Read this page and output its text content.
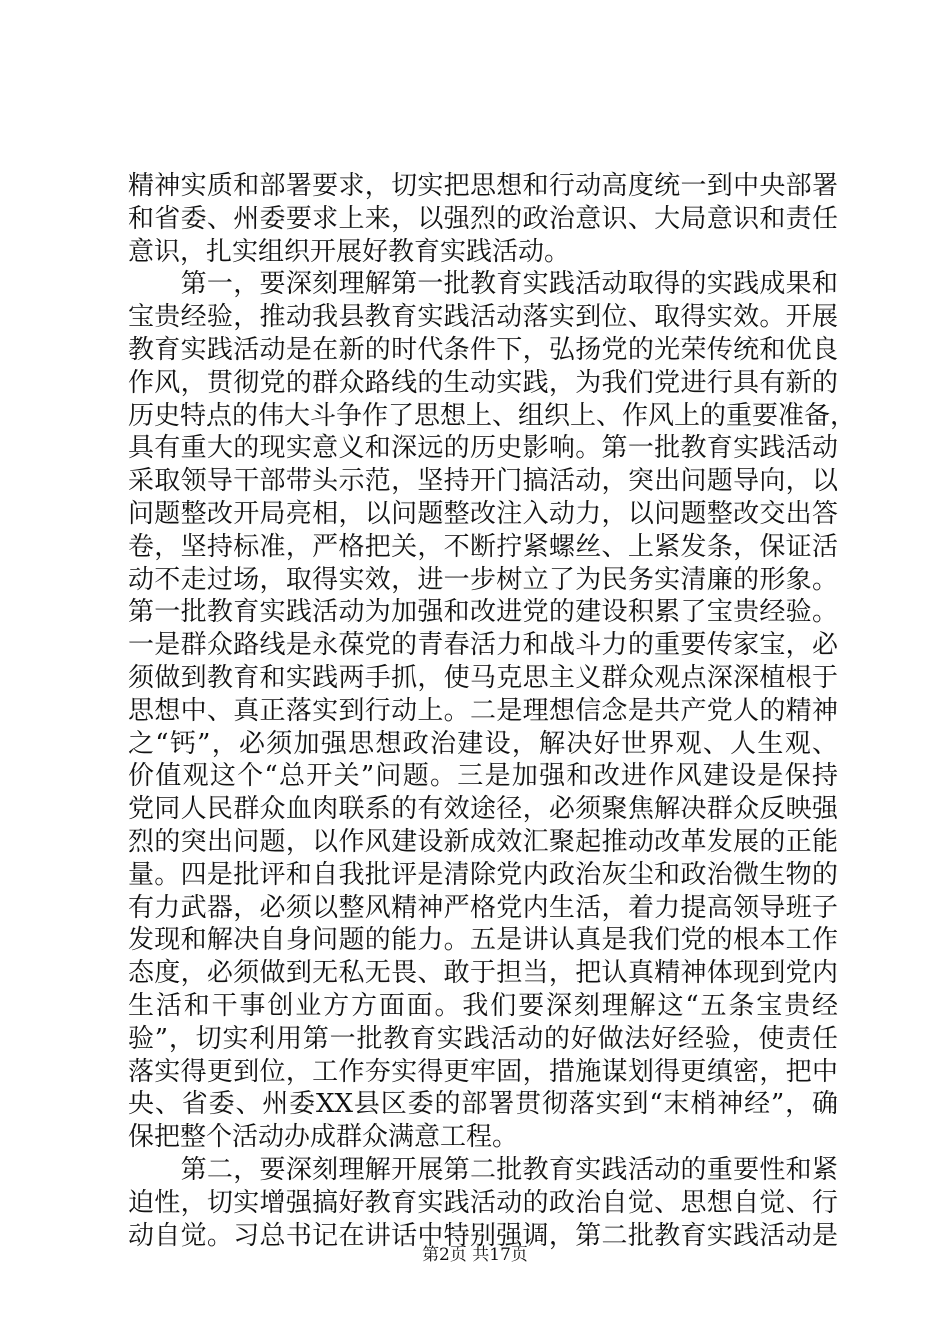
精神实质和部署要求，切实把思想和行动高度统一到中央部署
和省委、州委要求上来，以强烈的政治意识、大局意识和责任
意识，扎实组织开展好教育实践活动。
　　第一，要深刻理解第一批教育实践活动取得的实践成果和
宝贵经验，推动我县教育实践活动落实到位、取得实效。开展
教育实践活动是在新的时代条件下，弘扬党的光荣传统和优良
作风，贯彻党的群众路线的生动实践，为我们党进行具有新的
历史特点的伟大斗争作了思想上、组织上、作风上的重要准备，
具有重大的现实意义和深远的历史影响。第一批教育实践活动
采取领导干部带头示范，坚持开门搞活动，突出问题导向，以
问题整改开局亮相，以问题整改注入动力，以问题整改交出答
卷，坚持标准，严格把关，不断拧紧螺丝、上紧发条，保证活
动不走过场，取得实效，进一步树立了为民务实清廉的形象。
第一批教育实践活动为加强和改进党的建设积累了宝贵经验。
一是群众路线是永葆党的青春活力和战斗力的重要传家宝，必
须做到教育和实践两手抓，使马克思主义群众观点深深植根于
思想中、真正落实到行动上。二是理想信念是共产党人的精神
之“钙”，必须加强思想政治建设，解决好世界观、人生观、
价值观这个“总开关”问题。三是加强和改进作风建设是保持
党同人民群众血肉联系的有效途径，必须聚焦解决群众反映强
烈的突出问题，以作风建设新成效汇聚起推动改革发展的正能
量。四是批评和自我批评是清除党内政治灰尘和政治微生物的
有力武器，必须以整风精神严格党内生活，着力提高领导班子
发现和解决自身问题的能力。五是讲认真是我们党的根本工作
态度，必须做到无私无畏、敢于担当，把认真精神体现到党内
生活和干事创业方方面面。我们要深刻理解这“五条宝贵经
验”，切实利用第一批教育实践活动的好做法好经验，使责任
落实得更到位，工作夯实得更牢固，措施谋划得更缜密，把中
央、省委、州委XX县区委的部署贯彻落实到“末梢神经”，确
保把整个活动办成群众满意工程。
　　第二，要深刻理解开展第二批教育实践活动的重要性和紧
迫性，切实增强搞好教育实践活动的政治自觉、思想自觉、行
动自觉。习总书记在讲话中特别强调，第二批教育实践活动是
第2页 共17页
